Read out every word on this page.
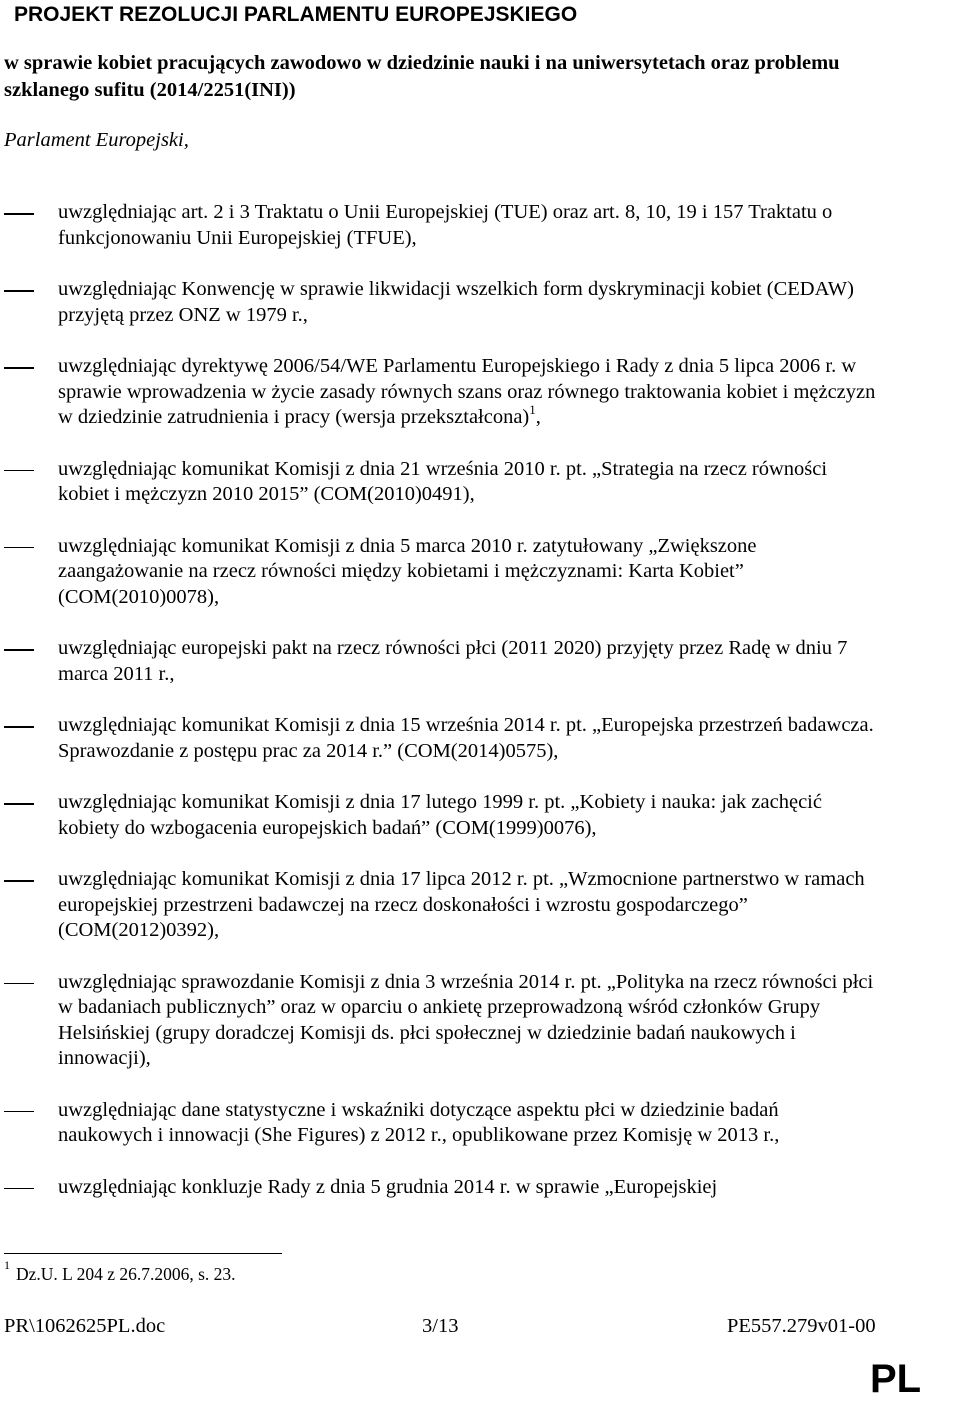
PROJEKT REZOLUCJI PARLAMENTU EUROPEJSKIEGO
w sprawie kobiet pracujących zawodowo w dziedzinie nauki i na uniwersytetach oraz problemu szklanego sufitu (2014/2251(INI))
Parlament Europejski,
uwzględniając art. 2 i 3 Traktatu o Unii Europejskiej (TUE) oraz art. 8, 10, 19 i 157 Traktatu o funkcjonowaniu Unii Europejskiej (TFUE),
uwzględniając Konwencję w sprawie likwidacji wszelkich form dyskryminacji kobiet (CEDAW) przyjętą przez ONZ w 1979 r.,
uwzględniając dyrektywę 2006/54/WE Parlamentu Europejskiego i Rady z dnia 5 lipca 2006 r. w sprawie wprowadzenia w życie zasady równych szans oraz równego traktowania kobiet i mężczyzn w dziedzinie zatrudnienia i pracy (wersja przekształcona)$^1$,
uwzględniając komunikat Komisji z dnia 21 września 2010 r. pt. „Strategia na rzecz równości kobiet i mężczyzn 2010 2015” (COM(2010)0491),
uwzględniając komunikat Komisji z dnia 5 marca 2010 r. zatytułowany „Zwiększone zaangażowanie na rzecz równości między kobietami i mężczyznami: Karta Kobiet” (COM(2010)0078),
uwzględniając europejski pakt na rzecz równości płci (2011 2020) przyjęty przez Radę w dniu 7 marca 2011 r.,
uwzględniając komunikat Komisji z dnia 15 września 2014 r. pt. „Europejska przestrzeń badawcza. Sprawozdanie z postępu prac za 2014 r.” (COM(2014)0575),
uwzględniając komunikat Komisji z dnia 17 lutego 1999 r. pt. „Kobiety i nauka: jak zachęcić kobiety do wzbogacenia europejskich badań” (COM(1999)0076),
uwzględniając komunikat Komisji z dnia 17 lipca 2012 r. pt. „Wzmocnione partnerstwo w ramach europejskiej przestrzeni badawczej na rzecz doskonałości i wzrostu gospodarczego” (COM(2012)0392),
uwzględniając sprawozdanie Komisji z dnia 3 września 2014 r. pt. „Polityka na rzecz równości płci w badaniach publicznych” oraz w oparciu o ankietę przeprowadzoną wśród członków Grupy Helsińskiej (grupy doradczej Komisji ds. płci społecznej w dziedzinie badań naukowych i innowacji),
uwzględniając dane statystyczne i wskaźniki dotyczące aspektu płci w dziedzinie badań naukowych i innowacji (She Figures) z 2012 r., opublikowane przez Komisję w 2013 r.,
uwzględniając konkluzje Rady z dnia 5 grudnia 2014 r. w sprawie „Europejskiej
$^1$ Dz.U. L 204 z 26.7.2006, s. 23.
PR\1062625PL.doc	3/13	PE557.279v01-00
PL
